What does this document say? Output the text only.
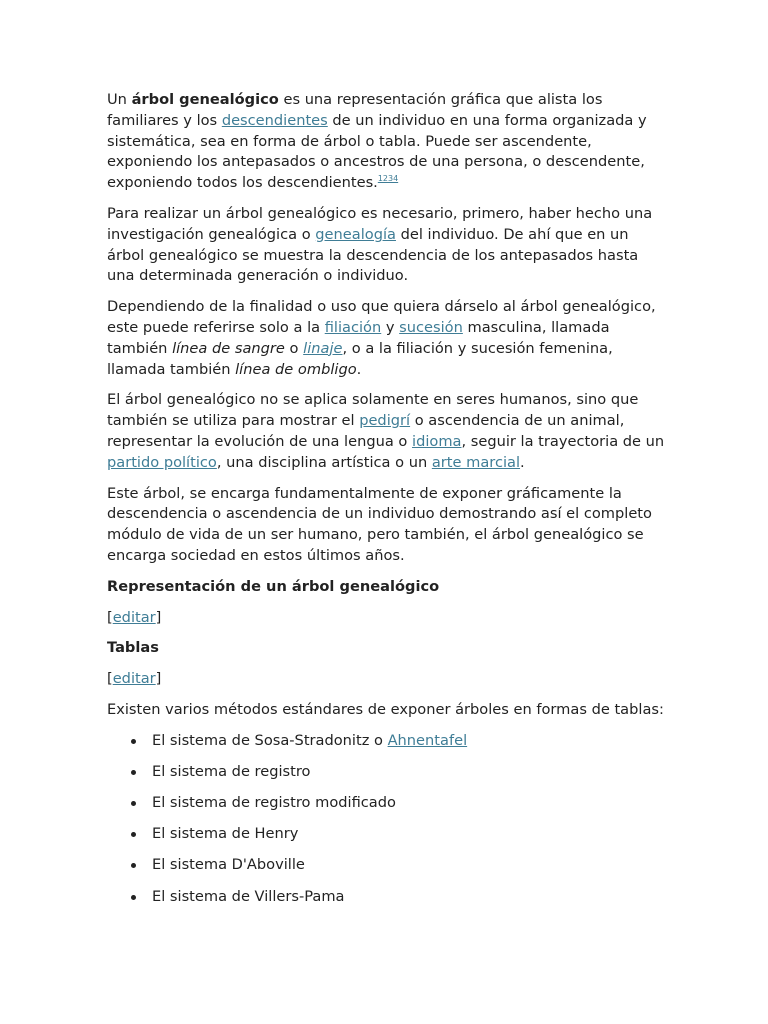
Un árbol genealógico es una representación gráfica que alista los familiares y los descendientes de un individuo en una forma organizada y sistemática, sea en forma de árbol o tabla. Puede ser ascendente, exponiendo los antepasados o ancestros de una persona, o descendente, exponiendo todos los descendientes.$^{1234}$

Para realizar un árbol genealógico es necesario, primero, haber hecho una investigación genealógica o genealogía del individuo. De ahí que en un árbol genealógico se muestra la descendencia de los antepasados hasta una determinada generación o individuo.

Dependiendo de la finalidad o uso que quiera dárselo al árbol genealógico, este puede referirse solo a la filiación y sucesión masculina, llamada también línea de sangre o linaje, o a la filiación y sucesión femenina, llamada también línea de ombligo.

El árbol genealógico no se aplica solamente en seres humanos, sino que también se utiliza para mostrar el pedigrí o ascendencia de un animal, representar la evolución de una lengua o idioma, seguir la trayectoria de un partido político, una disciplina artística o un arte marcial.

Este árbol, se encarga fundamentalmente de exponer gráficamente la descendencia o ascendencia de un individuo demostrando así el completo módulo de vida de un ser humano, pero también, el árbol genealógico se encarga sociedad en estos últimos años.

Representación de un árbol genealógico

[editar]

Tablas

[editar]

Existen varios métodos estándares de exponer árboles en formas de tablas:

El sistema de Sosa-Stradonitz o Ahnentafel
El sistema de registro
El sistema de registro modificado
El sistema de Henry
El sistema D'Aboville
El sistema de Villers-Pama
